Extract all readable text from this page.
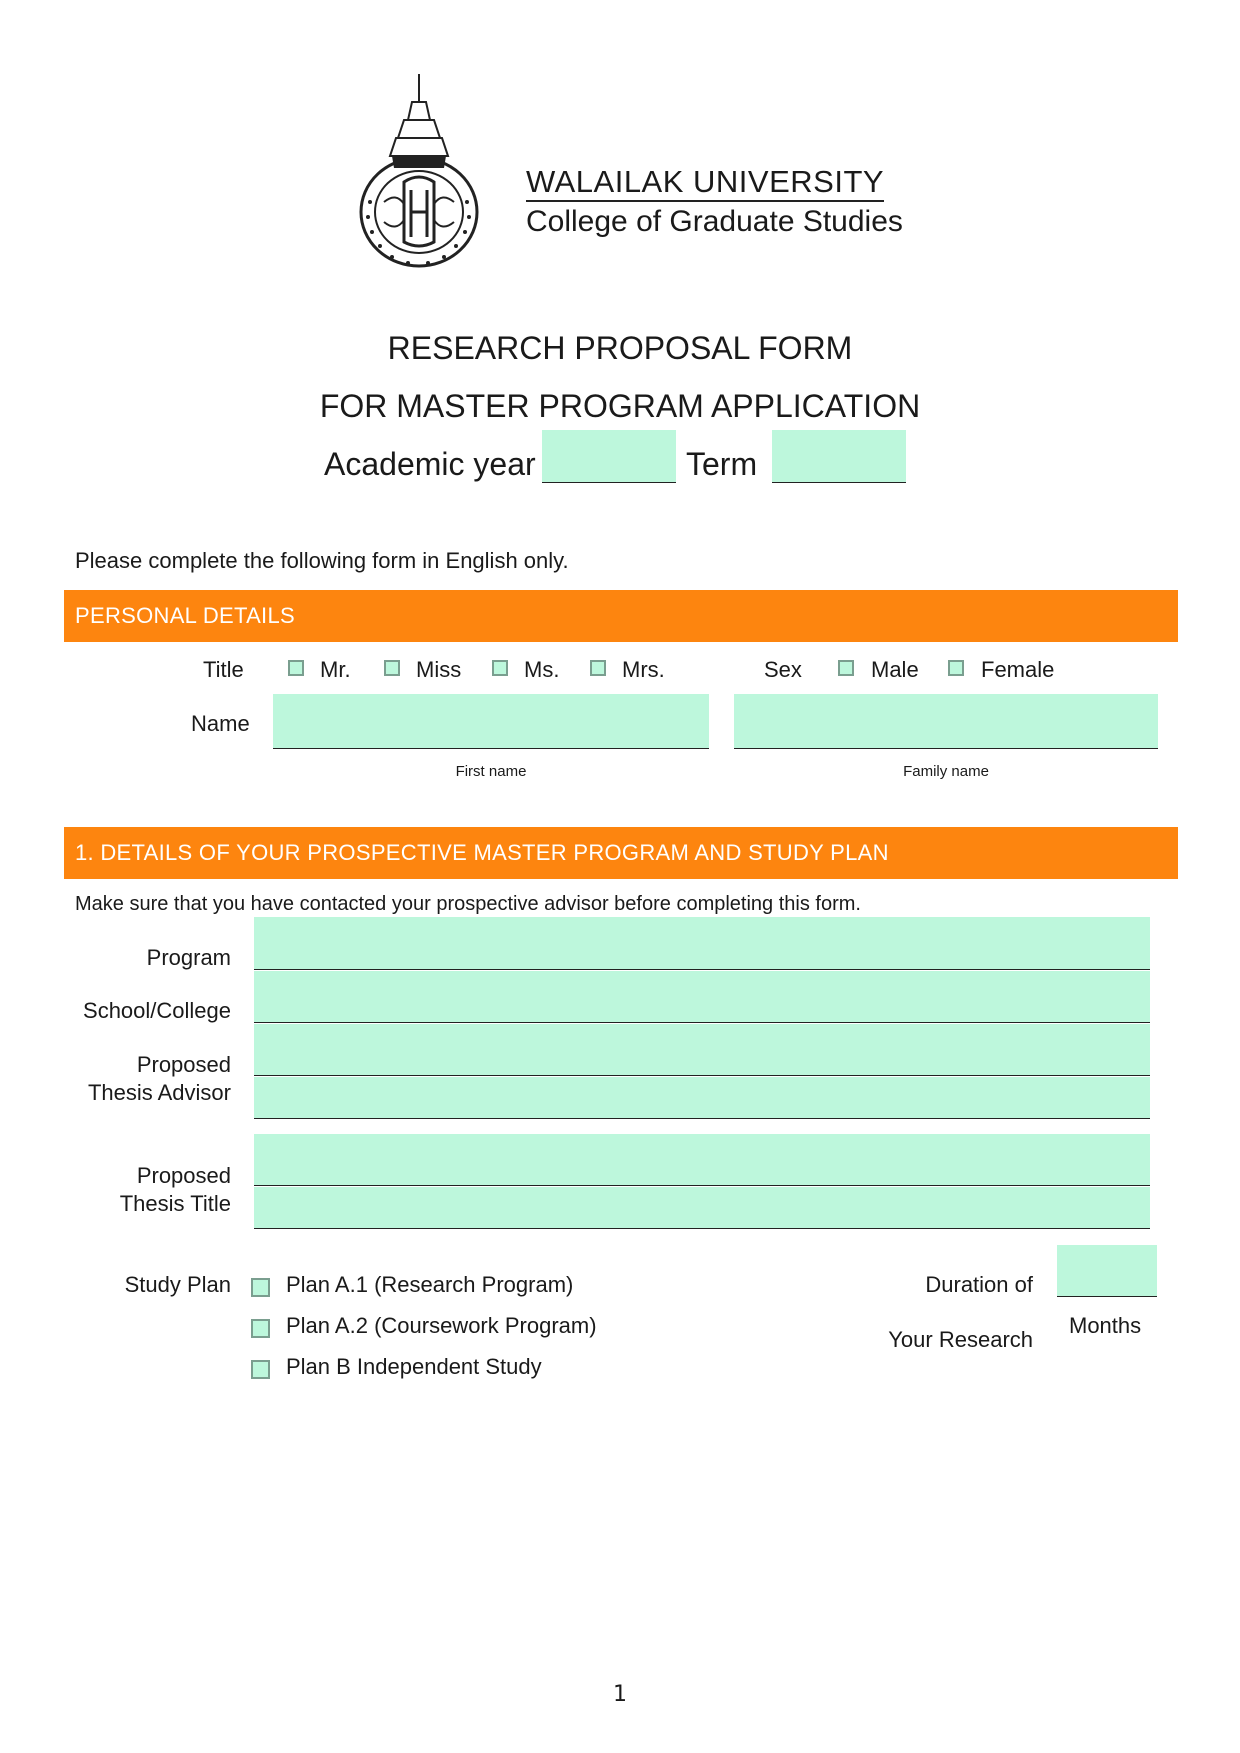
WALAILAK UNIVERSITY
College of Graduate Studies
RESEARCH PROPOSAL FORM
FOR MASTER PROGRAM APPLICATION
Academic year	Term
Please complete the following form in English only.
PERSONAL DETAILS
Title	Mr.	Miss	Ms.	Mrs.	Sex	Male	Female
Name
First name	Family name
1. DETAILS OF YOUR PROSPECTIVE MASTER PROGRAM AND STUDY PLAN
Make sure that you have contacted your prospective advisor before completing this form.
Program
School/College
Proposed
Thesis Advisor
Proposed
Thesis Title
Study Plan	Plan A.1 (Research Program)
Plan A.2 (Coursework Program)
Plan B Independent Study
Duration of
Your Research
Months
1
